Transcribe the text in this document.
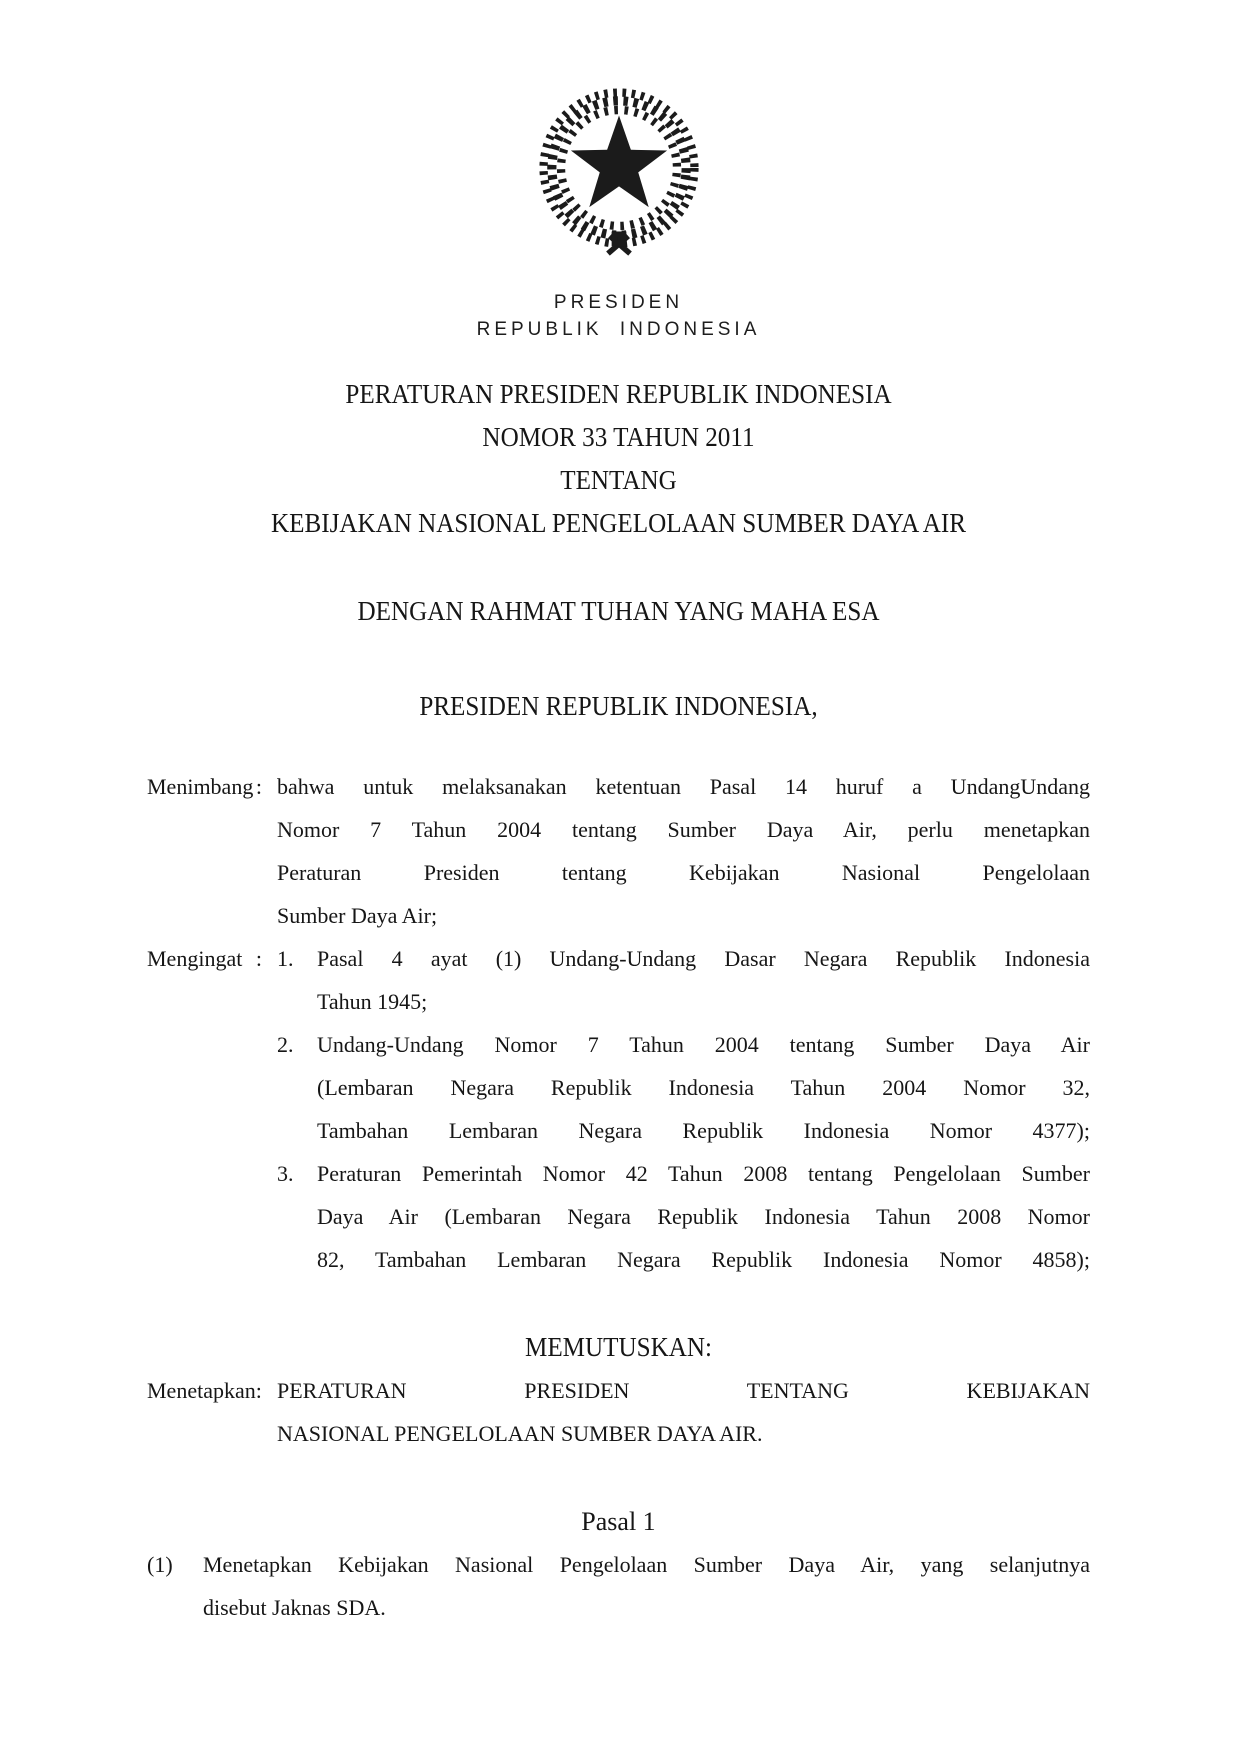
PRESIDEN
REPUBLIK INDONESIA
PERATURAN PRESIDEN REPUBLIK INDONESIA
NOMOR 33 TAHUN 2011
TENTANG
KEBIJAKAN NASIONAL PENGELOLAAN SUMBER DAYA AIR
DENGAN RAHMAT TUHAN YANG MAHA ESA
PRESIDEN REPUBLIK INDONESIA,
Menimbang : bahwa untuk melaksanakan ketentuan Pasal 14 huruf a UndangUndang
Nomor 7 Tahun 2004 tentang Sumber Daya Air, perlu menetapkan
Peraturan Presiden tentang Kebijakan Nasional Pengelolaan
Sumber Daya Air;
Mengingat : 1.	Pasal 4 ayat (1) Undang-Undang Dasar Negara Republik Indonesia
Tahun 1945;
2.	Undang-Undang Nomor 7 Tahun 2004 tentang Sumber Daya Air
(Lembaran Negara Republik Indonesia Tahun 2004 Nomor 32,
Tambahan Lembaran Negara Republik Indonesia Nomor 4377);
3.	Peraturan Pemerintah Nomor 42 Tahun 2008 tentang Pengelolaan Sumber
Daya Air (Lembaran Negara Republik Indonesia Tahun 2008 Nomor
82, Tambahan Lembaran Negara Republik Indonesia Nomor 4858);
MEMUTUSKAN:
Menetapkan: PERATURAN PRESIDEN TENTANG KEBIJAKAN
NASIONAL PENGELOLAAN SUMBER DAYA AIR.
Pasal 1
(1)	Menetapkan Kebijakan Nasional Pengelolaan Sumber Daya Air, yang selanjutnya
disebut Jaknas SDA.
